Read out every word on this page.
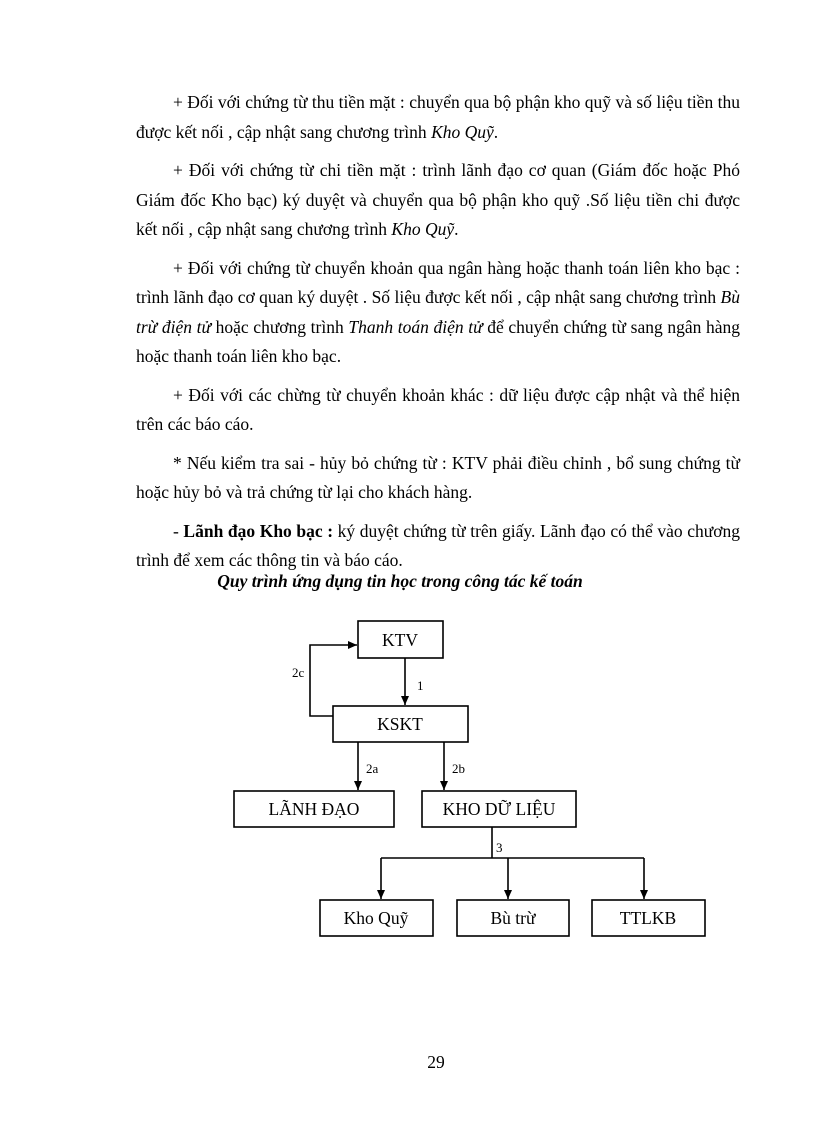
+ Đối với chứng từ thu tiền mặt : chuyển qua bộ phận kho quỹ và số liệu tiền thu được kết nối , cập nhật sang chương trình Kho Quỹ.

+ Đối với chứng từ chi tiền mặt : trình lãnh đạo cơ quan (Giám đốc hoặc Phó Giám đốc Kho bạc) ký duyệt và chuyển qua bộ phận kho quỹ .Số liệu tiền chi được kết nối , cập nhật sang chương trình Kho Quỹ.

+ Đối với chứng từ chuyển khoản qua ngân hàng hoặc thanh toán liên kho bạc : trình lãnh đạo cơ quan ký duyệt . Số liệu được kết nối , cập nhật sang chương trình Bù trừ điện tử hoặc chương trình Thanh toán điện tử để chuyển chứng từ sang ngân hàng hoặc thanh toán liên kho bạc.

+ Đối với các chừng từ chuyển khoản khác : dữ liệu được cập nhật và thể hiện trên các báo cáo.

* Nếu kiểm tra sai - hủy bỏ chứng từ : KTV phải điều chỉnh , bổ sung chứng từ hoặc hủy bỏ và trả chứng từ lại cho khách hàng.

- Lãnh đạo Kho bạc : ký duyệt chứng từ trên giấy. Lãnh đạo có thể vào chương trình để xem các thông tin và báo cáo.

Quy trình ứng dụng tin học trong công tác kế toán
KTV
KSKT
LÃNH ĐẠO	KHO DỮ LIỆU
Kho Quỹ	Bù trừ	TTLKB
1
2c
2a	2b
3
29
